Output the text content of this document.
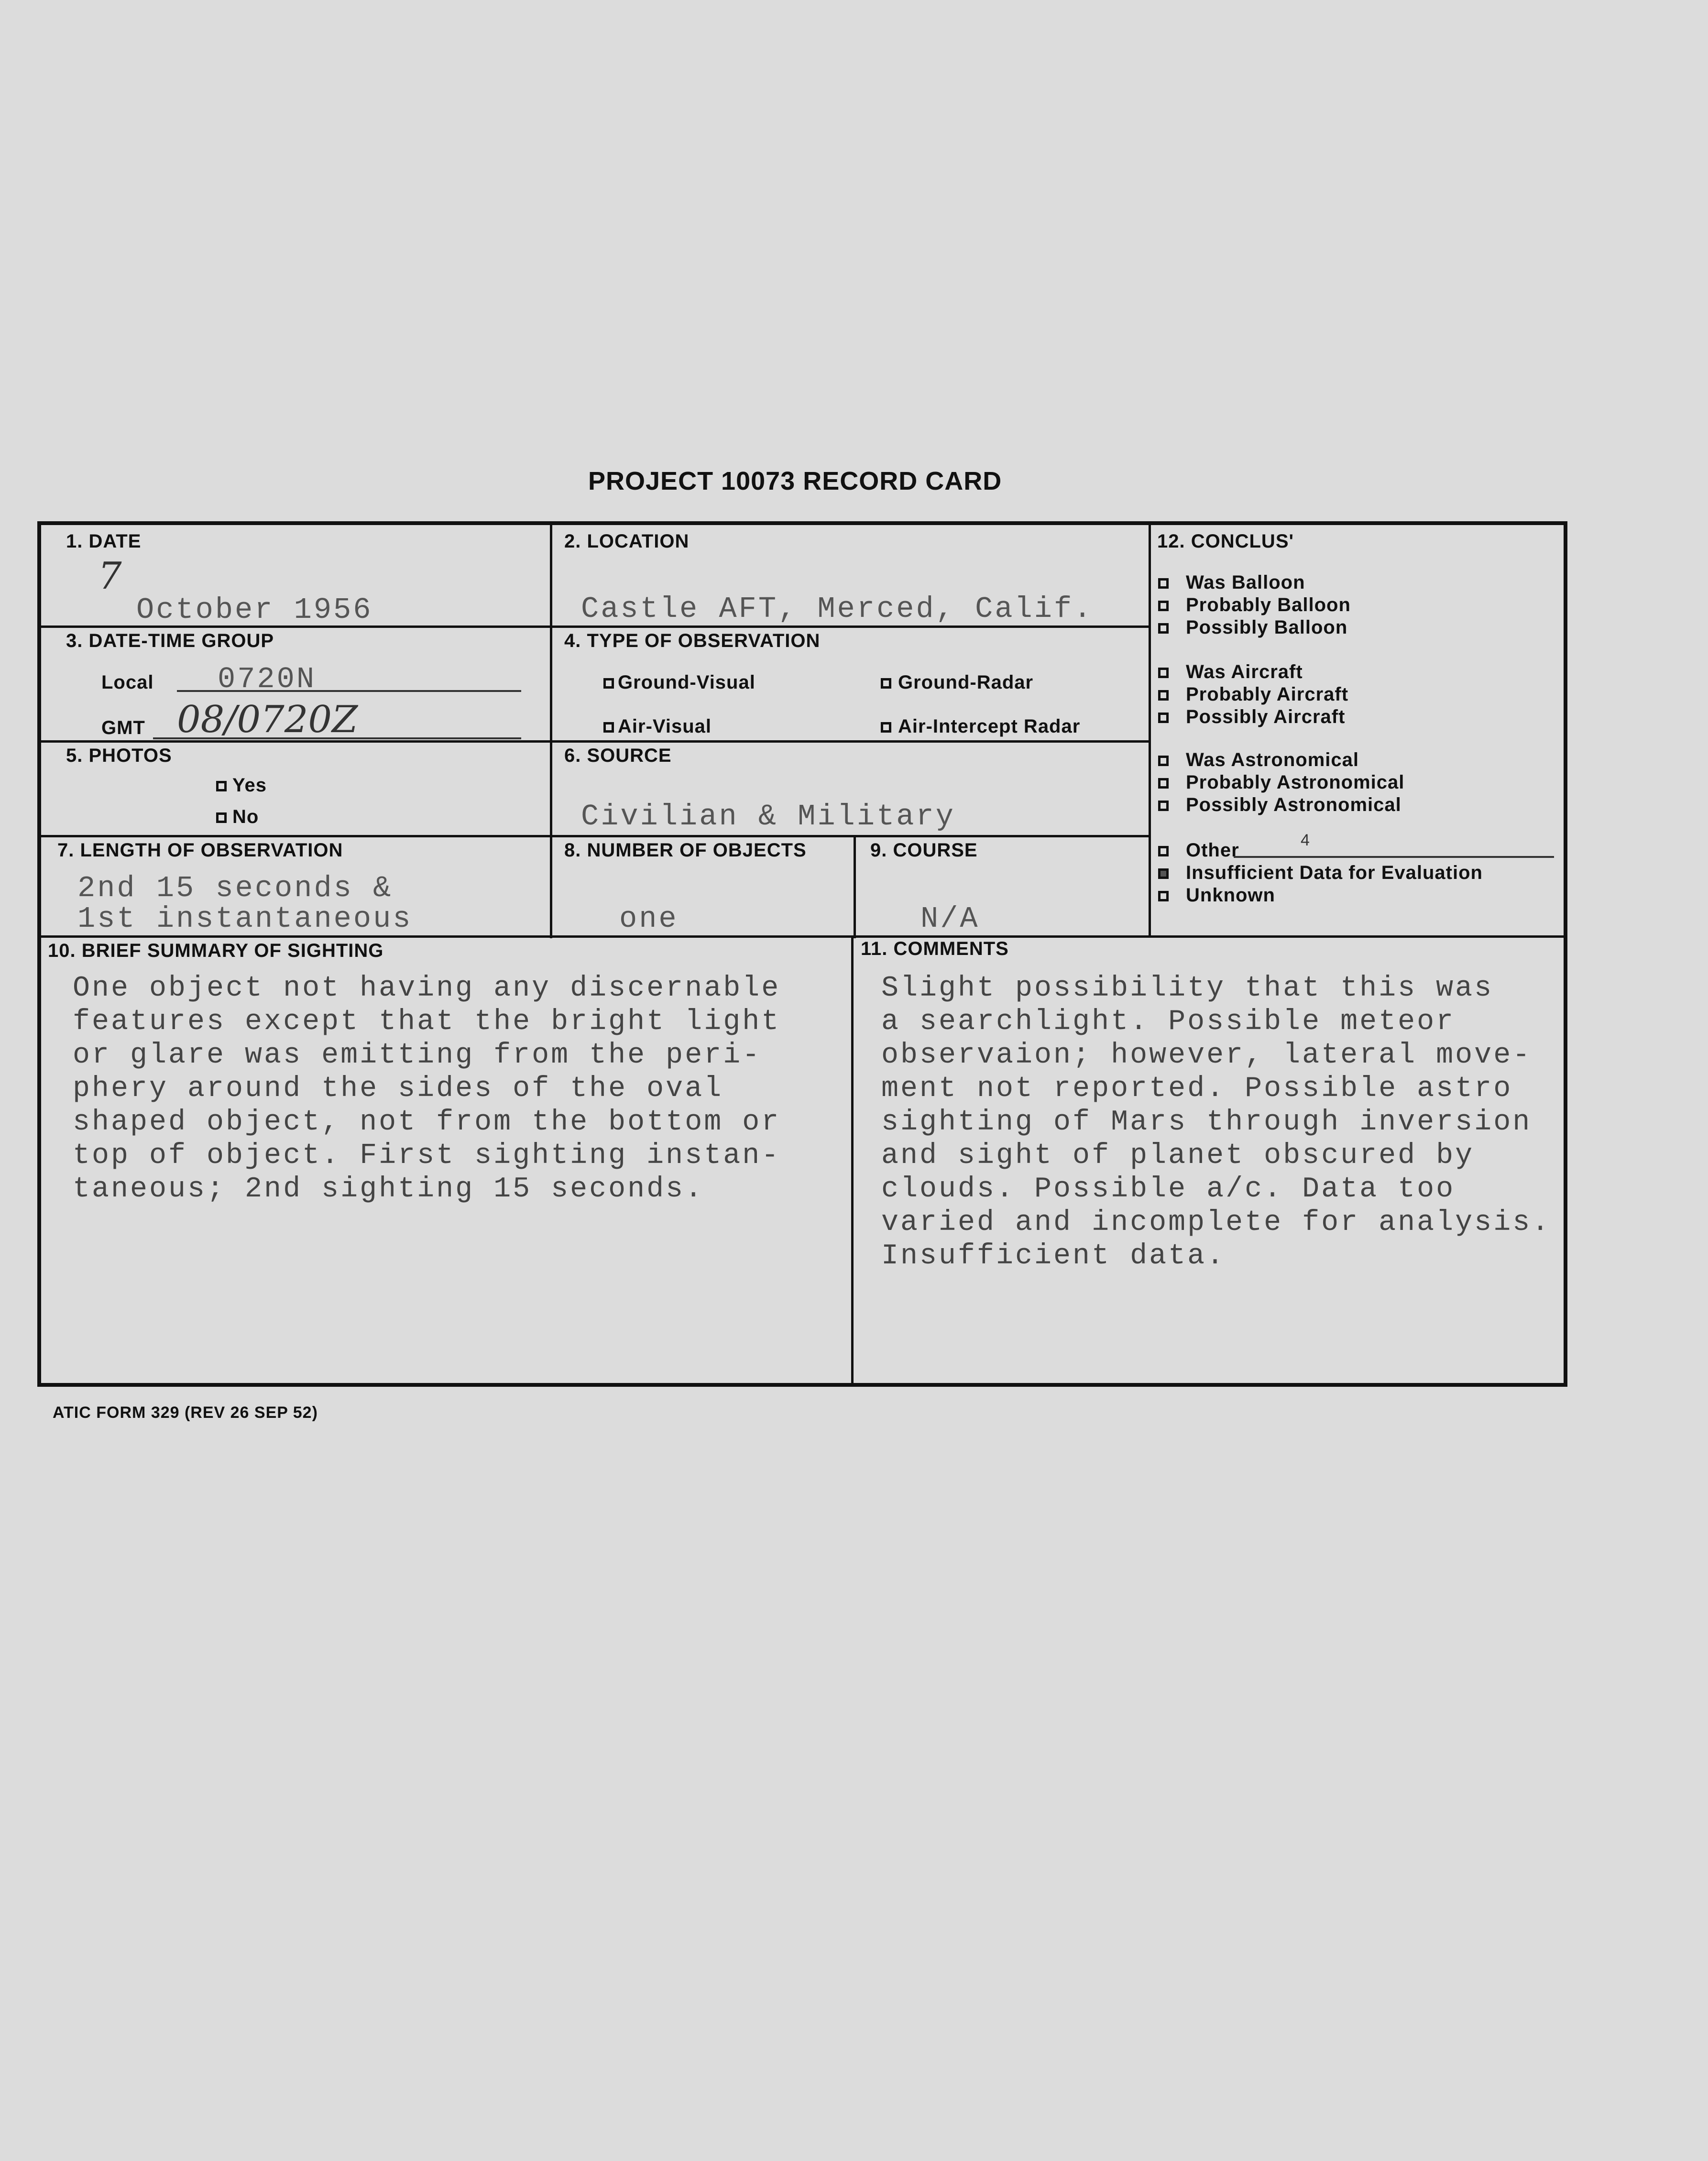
PROJECT 10073 RECORD CARD
1. DATE
7
October 1956
2. LOCATION
Castle AFT, Merced, Calif.
3. DATE-TIME GROUP
Local 0720N
GMT 08/0720Z
4. TYPE OF OBSERVATION
Ground-Visual	Ground-Radar
Air-Visual	Air-Intercept Radar
5. PHOTOS
Yes
No
6. SOURCE
Civilian & Military
7. LENGTH OF OBSERVATION
2nd 15 seconds &
1st instantaneous
8. NUMBER OF OBJECTS
one
9. COURSE
N/A
10. BRIEF SUMMARY OF SIGHTING
One object not having any discernable
features except that the bright light
or glare was emitting from the peri-
phery around the sides of the oval
shaped object, not from the bottom or
top of object. First sighting instan-
taneous; 2nd sighting 15 seconds.
11. COMMENTS
Slight possibility that this was
a searchlight. Possible meteor
observaion; however, lateral move-
ment not reported. Possible astro
sighting of Mars through inversion
and sight of planet obscured by
clouds. Possible a/c. Data too
varied and incomplete for analysis.
Insufficient data.
12. CONCLUS'
Was Balloon
Probably Balloon
Possibly Balloon
Was Aircraft
Probably Aircraft
Possibly Aircraft
Was Astronomical
Probably Astronomical
Possibly Astronomical
Other	4
Insufficient Data for Evaluation
Unknown
ATIC FORM 329 (REV 26 SEP 52)
